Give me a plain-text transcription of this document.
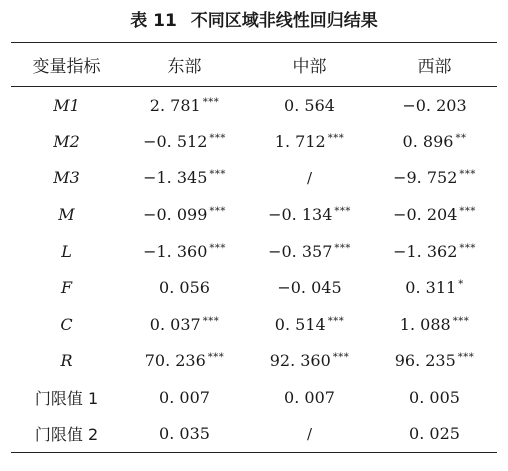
表 11 不同区域非线性回归结果
变量指标	东部	中部	西部
M1	2. 781 ***	0. 564	−0. 203
M2	−0. 512 ***	1. 712 ***	0. 896 **
M3	−1. 345 ***	/	−9. 752 ***
M	−0. 099 ***	−0. 134 ***	−0. 204 ***
L	−1. 360 ***	−0. 357 ***	−1. 362 ***
F	0. 056	−0. 045	0. 311 *
C	0. 037 ***	0. 514 ***	1. 088 ***
R	70. 236 ***	92. 360 ***	96. 235 ***
门限值 1	0. 007	0. 007	0. 005
门限值 2	0. 035	/	0. 025
